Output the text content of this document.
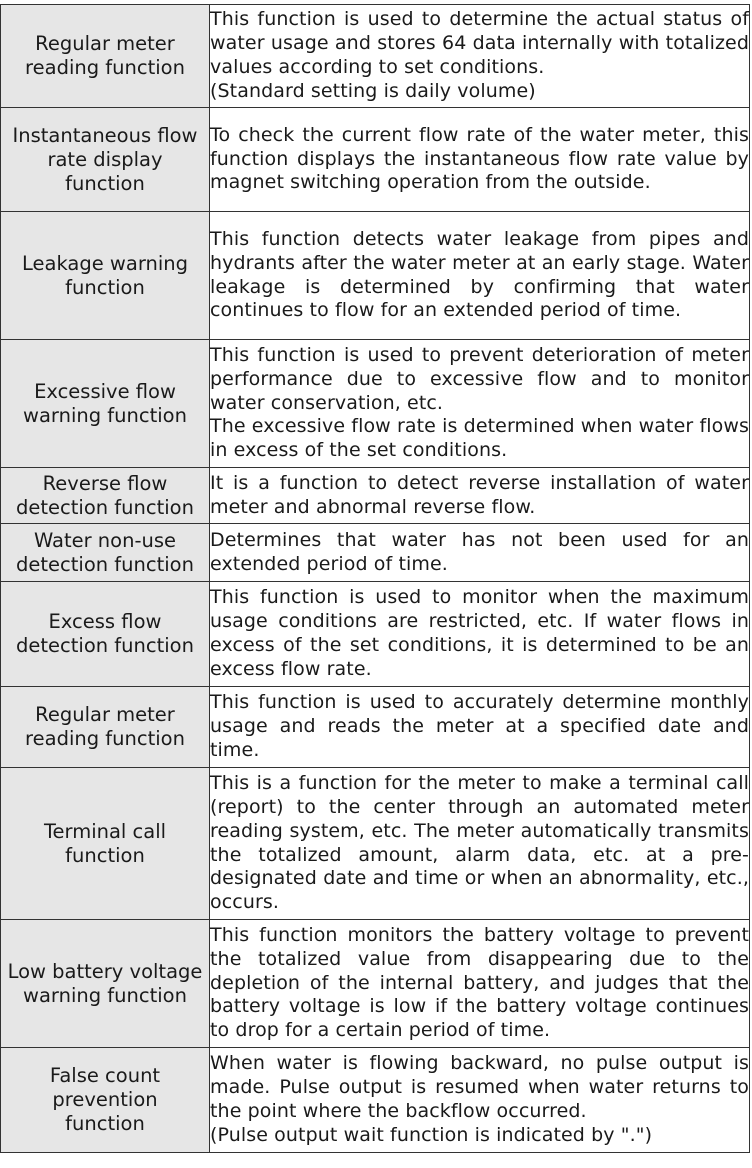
Regular meter
reading function	This function is used to determine the actual status of water usage and stores 64 data internally with totalized values according to set conditions.
(Standard setting is daily volume)

Instantaneous flow
rate display
function	To check the current flow rate of the water meter, this function displays the instantaneous flow rate value by magnet switching operation from the outside.

Leakage warning
function	This function detects water leakage from pipes and hydrants after the water meter at an early stage. Water leakage is determined by confirming that water continues to flow for an extended period of time.

Excessive flow
warning function	This function is used to prevent deterioration of meter performance due to excessive flow and to monitor water conservation, etc.
The excessive flow rate is determined when water flows in excess of the set conditions.

Reverse flow
detection function	It is a function to detect reverse installation of water meter and abnormal reverse flow.

Water non-use
detection function	Determines that water has not been used for an extended period of time.

Excess flow
detection function	This function is used to monitor when the maximum usage conditions are restricted, etc. If water flows in excess of the set conditions, it is determined to be an excess flow rate.

Regular meter
reading function	This function is used to accurately determine monthly usage and reads the meter at a specified date and time.

Terminal call
function	This is a function for the meter to make a terminal call (report) to the center through an automated meter reading system, etc. The meter automatically transmits the totalized amount, alarm data, etc. at a pre-designated date and time or when an abnormality, etc., occurs.

Low battery voltage
warning function	This function monitors the battery voltage to prevent the totalized value from disappearing due to the depletion of the internal battery, and judges that the battery voltage is low if the battery voltage continues to drop for a certain period of time.

False count
prevention
function	When water is flowing backward, no pulse output is made. Pulse output is resumed when water returns to the point where the backflow occurred.
(Pulse output wait function is indicated by ".")
